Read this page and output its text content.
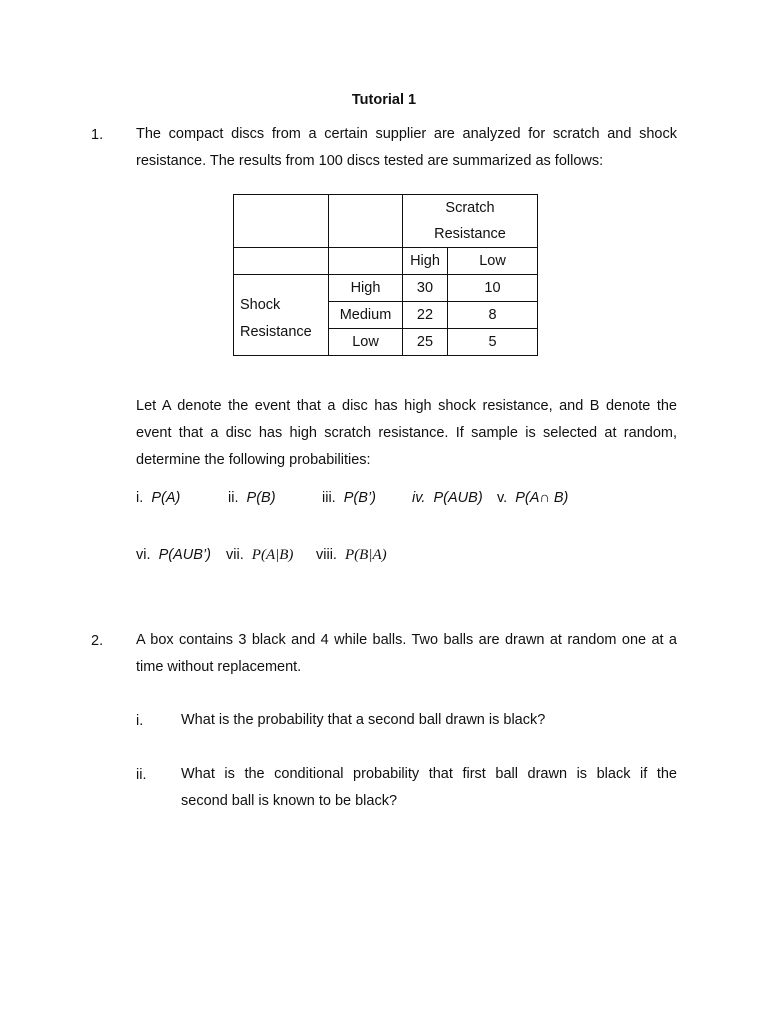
Tutorial 1
1. The compact discs from a certain supplier are analyzed for scratch and shock
resistance. The results from 100 discs tested are summarized as follows:
		Scratch	
		Resistance	
		High	Low

Shock
Resistance	High	30	10
	Medium	22	8
	Low	25	5
Let A denote the event that a disc has high shock resistance, and B denote the
event that a disc has high scratch resistance. If sample is selected at random,
determine the following probabilities:
i. P(A)	ii. P(B)	iii. P(B’) iv. P(AUB) v. P(A∩ B)
vi. P(AUB’) vii. P(A|B) viii. P(B|A)
2. A box contains 3 black and 4 while balls. Two balls are drawn at random one at a
time without replacement.
i.	What is the probability that a second ball drawn is black?
ii. What is the conditional probability that first ball drawn is black if the
second ball is known to be black?
